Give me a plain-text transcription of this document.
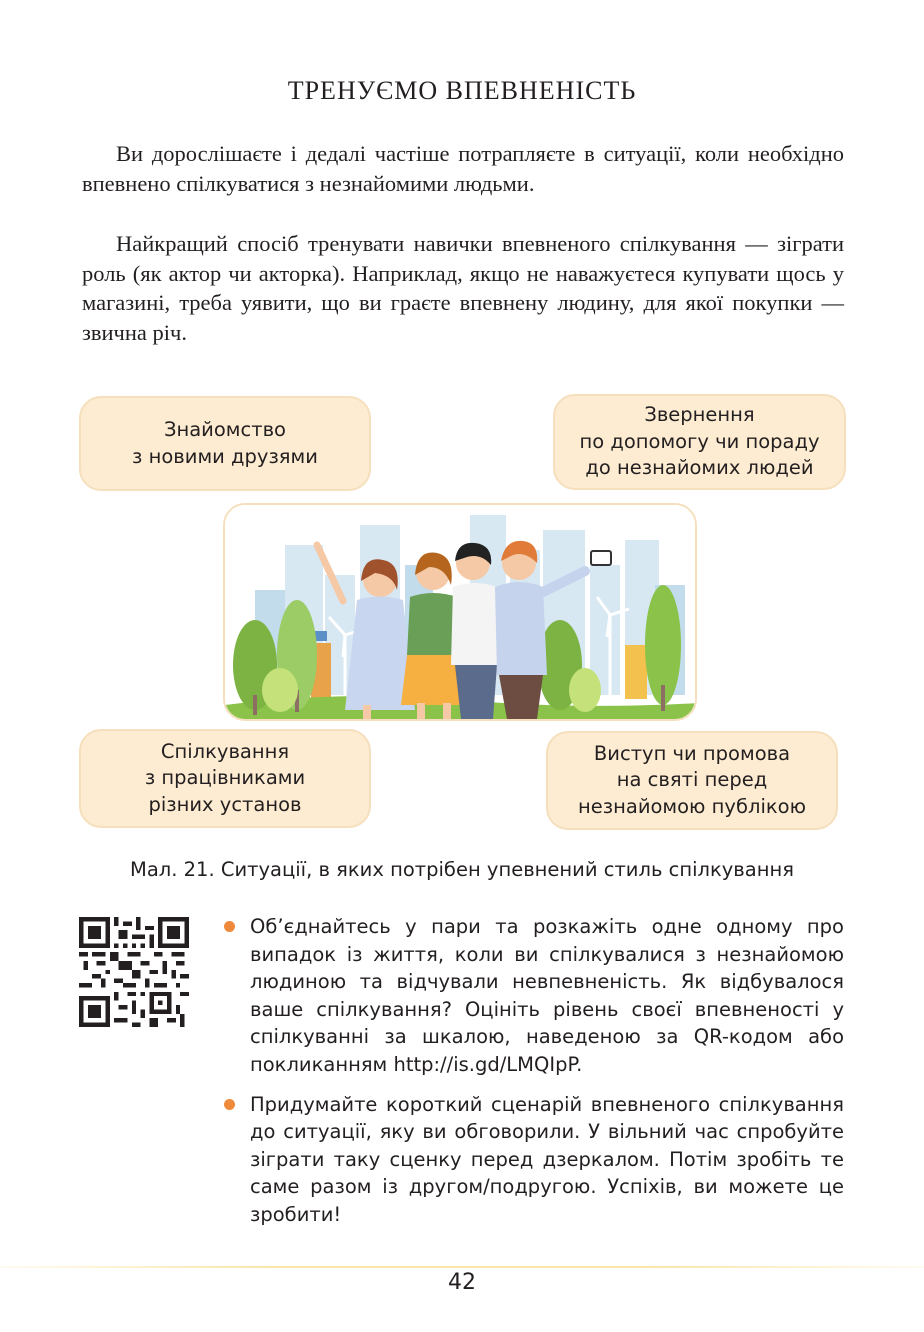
ТРЕНУЄМО ВПЕВНЕНІСТЬ

Ви дорослішаєте і дедалі частіше потрапляєте в ситуації, коли необхідно впевнено спілкуватися з незнайомими людьми.

Найкращий спосіб тренувати навички впевненого спілкування — зіграти роль (як актор чи акторка). Наприклад, якщо не наважуєтеся купувати щось у магазині, треба уявити, що ви граєте впевнену людину, для якої покупки — звична річ.

Знайомство
з новими друзями
Звернення
по допомогу чи пораду
до незнайомих людей
Спілкування
з працівниками
різних установ
Виступ чи промова
на святі перед
незнайомою публікою
Мал. 21. Ситуації, в яких потрібен упевнений стиль спілкування
Об’єднайтесь у пари та розкажіть одне одному про випадок із життя, коли ви спілкувалися з незнайомою людиною та відчували невпевненість. Як відбувалося ваше спілкування? Оцініть рівень своєї впевненості у спілкуванні за шкалою, наведеною за QR-кодом або покликанням http://is.gd/LMQIpP.
Придумайте короткий сценарій впевненого спілкування до ситуації, яку ви обговорили. У вільний час спробуйте зіграти таку сценку перед дзеркалом. Потім зробіть те саме разом із другом/подругою. Успіхів, ви можете це зробити!
42
